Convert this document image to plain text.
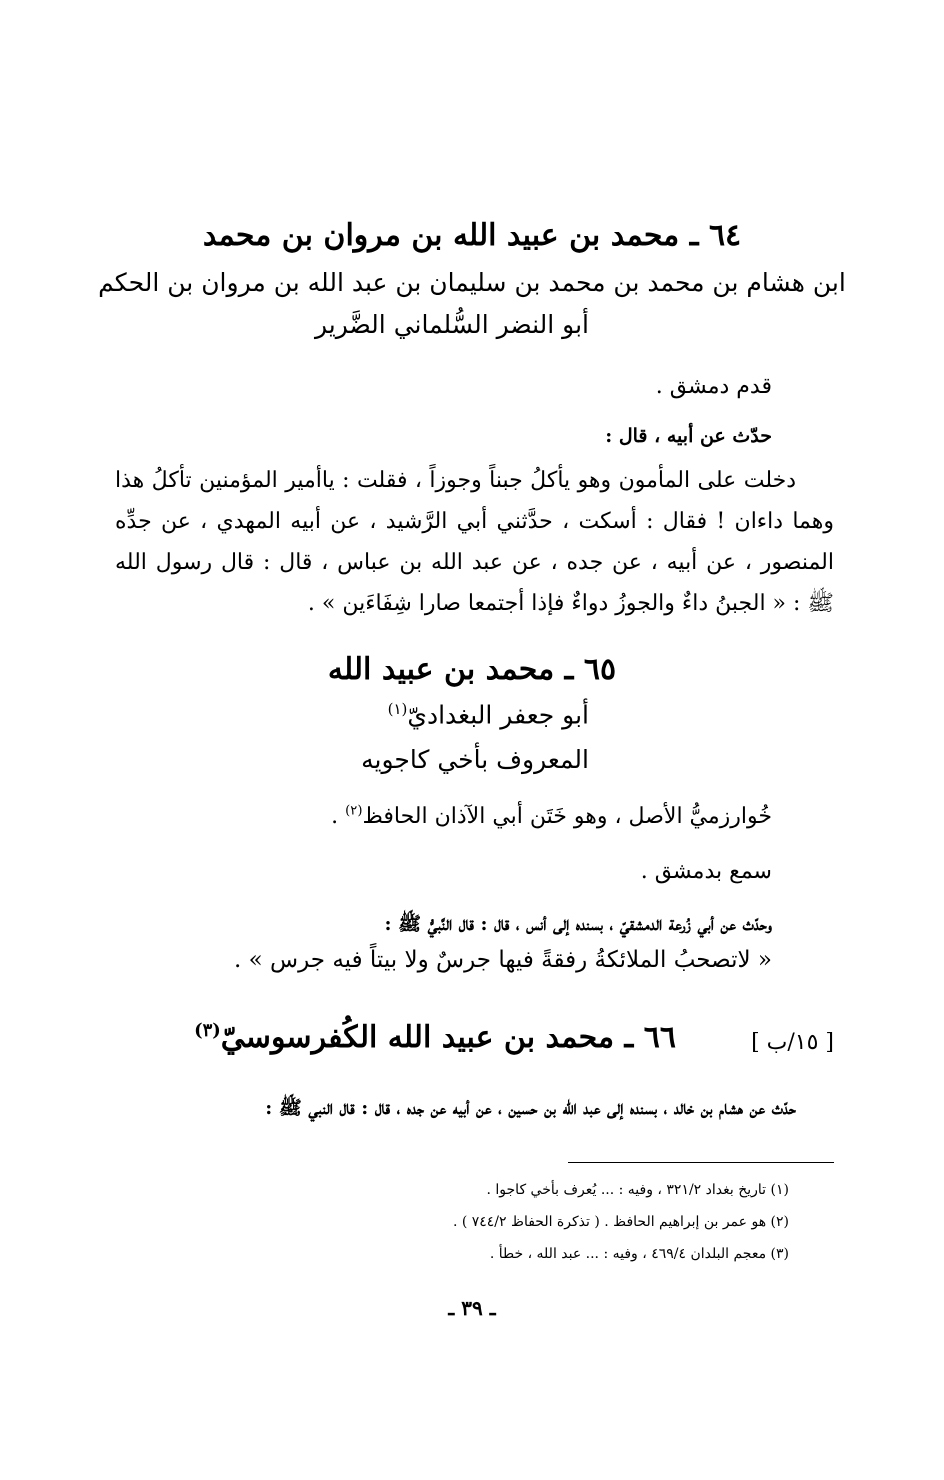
٦٤ ـ محمد بن عبيد الله بن مروان بن محمد
ابن هشام بن محمد بن محمد بن سليمان بن عبد الله بن مروان بن الحكم
أبو النضر السُّلماني الضَّرير
قدم دمشق .
حدّث عن أبيه ، قال :
دخلت على المأمون وهو يأكلُ جبناً وجوزاً ، فقلت : ياأمير المؤمنين تأكلُ هذا وهما داءان ! فقال : أسكت ، حدَّثني أبي الرَّشيد ، عن أبيه المهدي ، عن جدِّه المنصور ، عن أبيه ، عن جده ، عن عبد الله بن عباس ، قال : قال رسول الله ﷺ : « الجبنُ داءٌ والجوزُ دواءٌ فإذا أجتمعا صارا شِفَاءَين » .
٦٥ ـ محمد بن عبيد الله
أبو جعفر البغداديّ$^{(١)}$
المعروف بأخي كاجويه
خُوارزميُّ الأصل ، وهو خَتَن أبي الآذان الحافظ$^{(٢)}$ .
سمع بدمشق .
وحدّث عن أبي زُرعة الدمشقيّ ، بسنده إلى أنس ، قال : قال النَّبيُّ ﷺ :
« لاتصحبُ الملائكةُ رفقةً فيها جرسٌ ولا بيتاً فيه جرس » .
[ ١٥/ب ]
٦٦ ـ محمد بن عبيد الله الكُفرسوسيّ$^{(٣)}$
حدّث عن هشام بن خالد ، بسنده إلى عبد الله بن حسين ، عن أبيه عن جده ، قال : قال النبي ﷺ :
(١) تاريخ بغداد ٣٢١/٢ ، وفيه : ... يُعرف بأخي كاجوا .
(٢) هو عمر بن إبراهيم الحافظ . ( تذكرة الحفاظ ٧٤٤/٢ ) .
(٣) معجم البلدان ٤٦٩/٤ ، وفيه : ... عبد الله ، خطأ .
ـ ٣٩ ـ
